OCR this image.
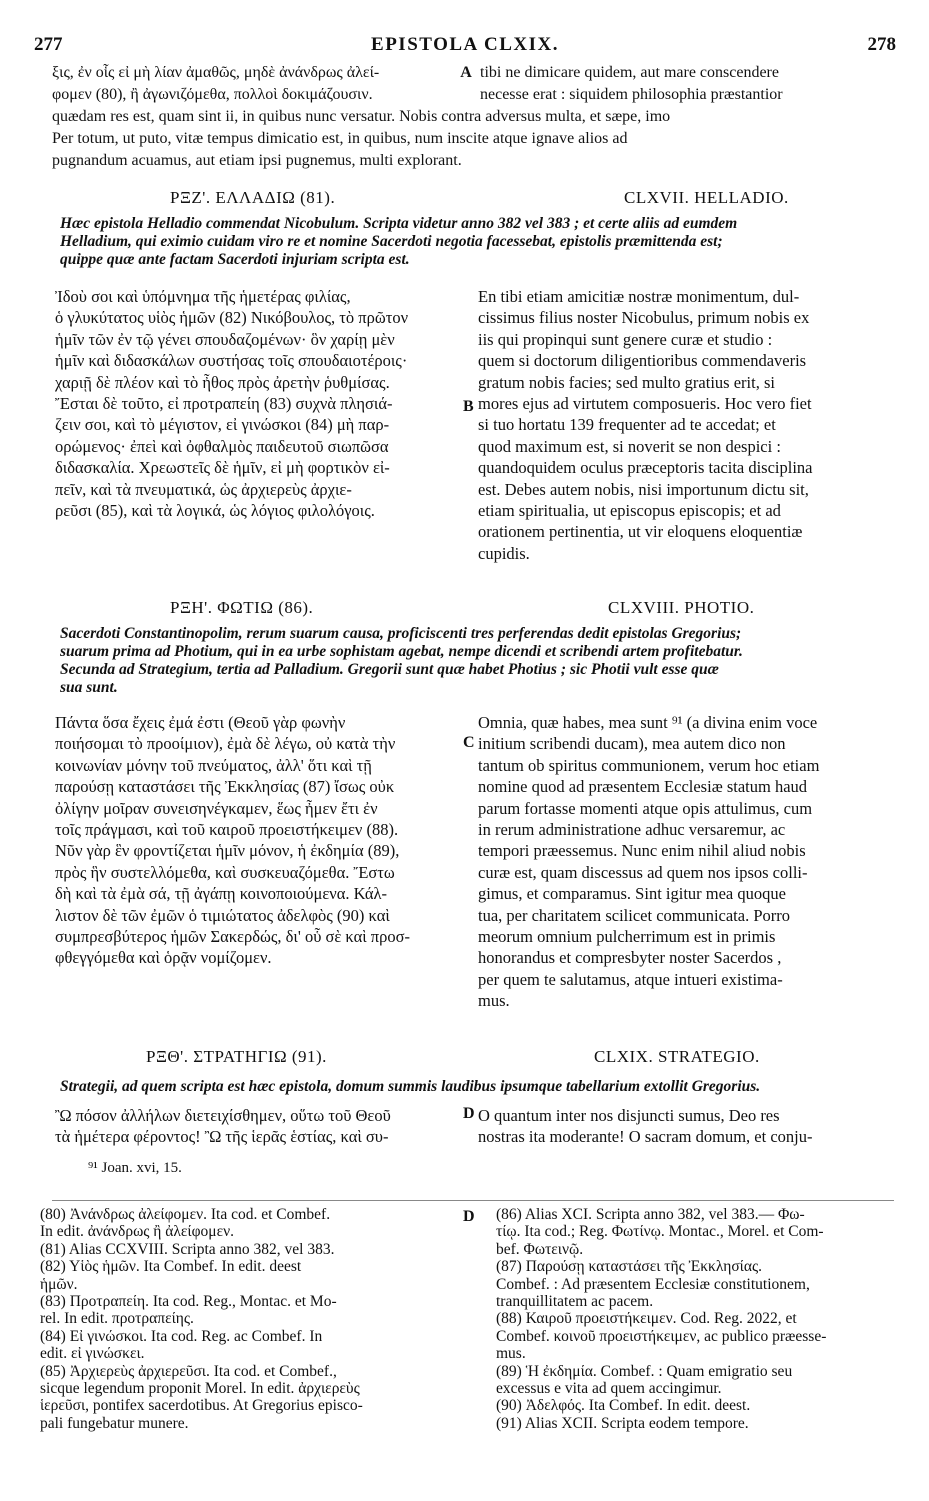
277	EPISTOLA CLXIX.	278
ξις, ἐν οἷς εἰ μὴ λίαν ἀμαθῶς, μηδὲ ἀνάνδρως ἀλεί-	A tibi ne dimicare quidem, aut mare conscendere
φομεν (80), ἢ ἀγωνιζόμεθα, πολλοὶ δοκιμάζουσιν.	necesse erat : siquidem philosophia præstantior
quædam res est, quam sint ii, in quibus nunc versatur. Nobis contra adversus multa, et sæpe, imo
Per totum, ut puto, vitæ tempus dimicatio est, in quibus, num inscite atque ignave alios ad
pugnandum acuamus, aut etiam ipsi pugnemus, multi explorant.
ΡΞΖ'. ΕΛΛΑΔΙΩ (81).	CLXVII. HELLADIO.
Hæc epistola Helladio commendat Nicobulum. Scripta videtur anno 382 vel 383 ; et certe aliis ad eumdem
Helladium, qui eximio cuidam viro re et nomine Sacerdoti negotia facessebat, epistolis præmittenda est;
quippe quæ ante factam Sacerdoti injuriam scripta est.
Ἰδοὺ σοι καὶ ὑπόμνημα τῆς ἡμετέρας φιλίας,
ὁ γλυκύτατος υἱὸς ἡμῶν (82) Νικόβουλος, τὸ πρῶτον
ἡμῖν τῶν ἐν τῷ γένει σπουδαζομένων· ὃν χαρίῃ μὲν
ἡμῖν καὶ διδασκάλων συστήσας τοῖς σπουδαιοτέροις·
χαριῇ δὲ πλέον καὶ τὸ ἦθος πρὸς ἀρετὴν ῥυθμίσας.
Ἔσται δὲ τοῦτο, εἰ προτραπείη (83) συχνὰ πλησιά-
ζειν σοι, καὶ τὸ μέγιστον, εἰ γινώσκοι (84) μὴ παρ-
ορώμενος· ἐπεὶ καὶ ὀφθαλμὸς παιδευτοῦ σιωπῶσα
διδασκαλία. Χρεωστεῖς δὲ ἡμῖν, εἰ μὴ φορτικὸν εἰ-
πεῖν, καὶ τὰ πνευματικά, ὡς ἀρχιερεὺς ἀρχιε-
ρεῦσι (85), καὶ τὰ λογικά, ὡς λόγιος φιλολόγοις.
B
En tibi etiam amicitiæ nostræ monimentum, dul-
cissimus filius noster Nicobulus, primum nobis ex
iis qui propinqui sunt genere curæ et studio :
quem si doctorum diligentioribus commendaveris
gratum nobis facies; sed multo gratius erit, si
mores ejus ad virtutem composueris. Hoc vero fiet
si tuo hortatu 139 frequenter ad te accedat; et
quod maximum est, si noverit se non despici :
quandoquidem oculus præceptoris tacita disciplina
est. Debes autem nobis, nisi importunum dictu sit,
etiam spiritualia, ut episcopus episcopis; et ad
orationem pertinentia, ut vir eloquens eloquentiæ
cupidis.
ΡΞΗ'. ΦΩΤΙΩ (86).	CLXVIII. PHOTIO.
Sacerdoti Constantinopolim, rerum suarum causa, proficiscenti tres perferendas dedit epistolas Gregorius;
suarum prima ad Photium, qui in ea urbe sophistam agebat, nempe dicendi et scribendi artem profitebatur.
Secunda ad Strategium, tertia ad Palladium. Gregorii sunt quæ habet Photius ; sic Photii vult esse quæ
sua sunt.
Πάντα ὅσα ἔχεις ἐμά ἐστι (Θεοῦ γὰρ φωνὴν
ποιήσομαι τὸ προοίμιον), ἐμὰ δὲ λέγω, οὐ κατὰ τὴν
κοινωνίαν μόνην τοῦ πνεύματος, ἀλλ' ὅτι καὶ τῇ
παρούσῃ καταστάσει τῆς Ἐκκλησίας (87) ἴσως οὐκ
ὀλίγην μοῖραν συνεισηνέγκαμεν, ἕως ἦμεν ἔτι ἐν
τοῖς πράγμασι, καὶ τοῦ καιροῦ προειστήκειμεν (88).
Νῦν γὰρ ἓν φροντίζεται ἡμῖν μόνον, ἡ ἐκδημία (89),
πρὸς ἣν συστελλόμεθα, καὶ συσκευαζόμεθα. Ἔστω
δὴ καὶ τὰ ἐμὰ σά, τῇ ἀγάπῃ κοινοποιούμενα. Κάλ-
λιστον δὲ τῶν ἐμῶν ὁ τιμιώτατος ἀδελφὸς (90) καὶ
συμπρεσβύτερος ἡμῶν Σακερδώς, δι' οὗ σὲ καὶ προσ-
φθεγγόμεθα καὶ ὁρᾷν νομίζομεν.
C
Omnia, quæ habes, mea sunt ⁹¹ (a divina enim voce
initium scribendi ducam), mea autem dico non
tantum ob spiritus communionem, verum hoc etiam
nomine quod ad præsentem Ecclesiæ statum haud
parum fortasse momenti atque opis attulimus, cum
in rerum administratione adhuc versaremur, ac
tempori præessemus. Nunc enim nihil aliud nobis
curæ est, quam discessus ad quem nos ipsos colli-
gimus, et comparamus. Sint igitur mea quoque
tua, per charitatem scilicet communicata. Porro
meorum omnium pulcherrimum est in primis
honorandus et compresbyter noster Sacerdos ,
per quem te salutamus, atque intueri existima-
mus.
ΡΞΘ'. ΣΤΡΑΤΗΓΙΩ (91).	CLXIX. STRATEGIO.
Strategii, ad quem scripta est hæc epistola, domum summis laudibus ipsumque tabellarium extollit Gregorius.
Ὢ πόσον ἀλλήλων διετειχίσθημεν, οὕτω τοῦ Θεοῦ
τὰ ἡμέτερα φέροντος! Ὢ τῆς ἱερᾶς ἑστίας, καὶ συ-
D O quantum inter nos disjuncti sumus, Deo res
nostras ita moderante! O sacram domum, et conju-
⁹¹ Joan. xvi, 15.
(80) Ἀνάνδρως ἀλείφομεν. Ita cod. et Combef.
In edit. ἀνάνδρως ἢ ἀλείφομεν.
(81) Alias CCXVIII. Scripta anno 382, vel 383.
(82) Υἱὸς ἡμῶν. Ita Combef. In edit. deest
ἡμῶν.
(83) Προτραπείη. Ita cod. Reg., Montac. et Mo-
rel. In edit. προτραπείης.
(84) Εἰ γινώσκοι. Ita cod. Reg. ac Combef. In
edit. εἰ γινώσκει.
(85) Ἀρχιερεὺς ἀρχιερεῦσι. Ita cod. et Combef.,
sicque legendum proponit Morel. In edit. ἀρχιερεὺς
ἱερεῦσι, pontifex sacerdotibus. At Gregorius episco-
pali fungebatur munere.
D (86) Alias XCI. Scripta anno 382, vel 383.— Φω-
τίῳ. Ita cod.; Reg. Φωτίνῳ. Montac., Morel. et Com-
bef. Φωτεινῷ.
(87) Παρούσῃ καταστάσει τῆς Ἐκκλησίας.
Combef. : Ad præsentem Ecclesiæ constitutionem,
tranquillitatem ac pacem.
(88) Καιροῦ προειστήκειμεν. Cod. Reg. 2022, et
Combef. κοινοῦ προειστήκειμεν, ac publico præesse-
mus.
(89) Ἡ ἐκδημία. Combef. : Quam emigratio seu
excessus e vita ad quem accingimur.
(90) Ἀδελφός. Ita Combef. In edit. deest.
(91) Alias XCII. Scripta eodem tempore.
